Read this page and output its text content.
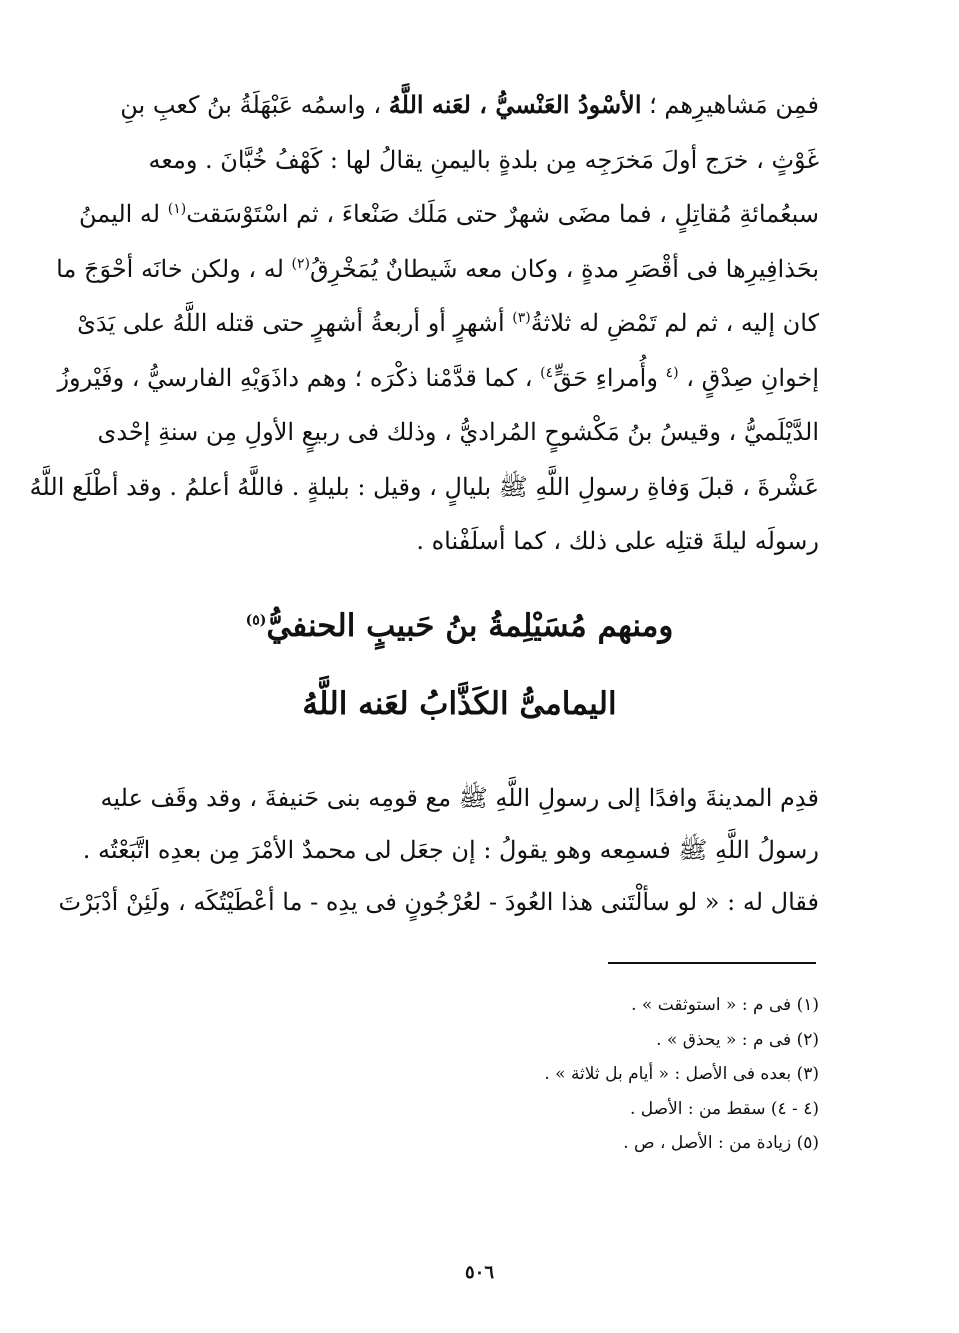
فمِن مَشاهيرِهم ؛ الأسْودُ العَنْسيُّ ، لعَنه اللَّهُ ، واسمُه عَبْهَلَةُ بنُ كعبِ بنِ
غَوْثٍ ، خرَج أولَ مَخرَجِه مِن بلدةٍ باليمنِ يقالُ لها : كَهْفُ خُبَّانَ . ومعه
سبعُمائةِ مُقاتِلٍ ، فما مضَى شهرٌ حتى مَلَك صَنْعاءَ ، ثم اسْتَوْسَقت$^{(١)}$ له اليمنُ
بحَذافِيرِها فى أقْصَرِ مدةٍ ، وكان معه شَيطانٌ يُمَخْرِقُ$^{(٢)}$ له ، ولكن خانَه أحْوَجَ ما
كان إليه ، ثم لم تَمْضِ له ثلاثةُ$^{(٣)}$ أشهرٍ أو أربعةُ أشهرٍ حتى قتله اللَّهُ على يَدَىْ
إخوانِ صِدْقٍ ، $^{(٤}$ وأُمراءِ حَقٍّ$^{٤)}$ ، كما قدَّمْنا ذكْرَه ؛ وهم داذَوَيْهِ الفارسيُّ ، وفَيْروزُ
الدَّيْلَميُّ ، وقيسُ بنُ مَكْشوحٍ المُراديُّ ، وذلك فى ربيعٍ الأولِ مِن سنةِ إحْدى
عَشْرةَ ، قبلَ وَفاةِ رسولِ اللَّهِ ﷺ بليالٍ ، وقيل : بليلةٍ . فاللَّهُ أعلمُ . وقد أطْلَع اللَّهُ
رسولَه ليلةَ قتلِه على ذلك ، كما أسلَفْناه .
ومنهم مُسَيْلِمةُ بنُ حَبيبٍ الحنفيُّ$^{(٥)}$
اليمامىُّ الكَذَّابُ لعَنه اللَّهُ
قدِم المدينةَ وافدًا إلى رسولِ اللَّهِ ﷺ مع قومِه بنى حَنيفةَ ، وقد وقَف عليه
رسولُ اللَّهِ ﷺ فسمِعه وهو يقولُ : إن جعَل لى محمدٌ الأمْرَ مِن بعدِه اتَّبَعْتُه .
فقال له : « لو سألْتَنى هذا العُودَ - لعُرْجُونٍ فى يدِه - ما أعْطَيْتُكَه ، ولَئِنْ أدْبَرْتَ
(١) فى م : « استوثقت » .
(٢) فى م : « يحذق » .
(٣) بعده فى الأصل : « أيام بل ثلاثة » .
(٤ - ٤) سقط من : الأصل .
(٥) زيادة من : الأصل ، ص .
٥٠٦
